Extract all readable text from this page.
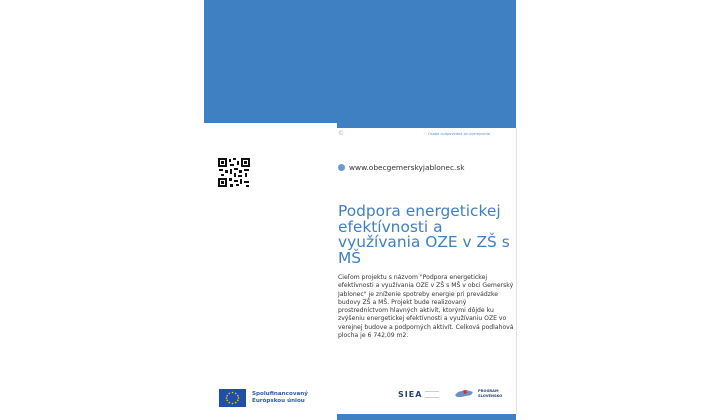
©	Osoba zodpovedná za uverejnenie
www.obecgemerskyjablonec.sk
Podpora energetickej efektívnosti a využívania OZE v ZŠ s MŠ
Cieľom projektu s názvom "Podpora energetickej efektívnosti a využívania OZE v ZŠ s MŠ v obci Gemerský Jablonec" je zníženie spotreby energie pri prevádzke budovy ZŠ a MŠ. Projekt bude realizovaný prostredníctvom hlavných aktivít, ktorými dôjde ku zvýšeniu energetickej efektívnosti a využívaniu OZE vo verejnej budove a podporných aktivít. Celková podlahová plocha je 6 742,09 m2.
Spolufinancovaný
Európskou úniou
SIEA	PROGRAM
SLOVENSKO
